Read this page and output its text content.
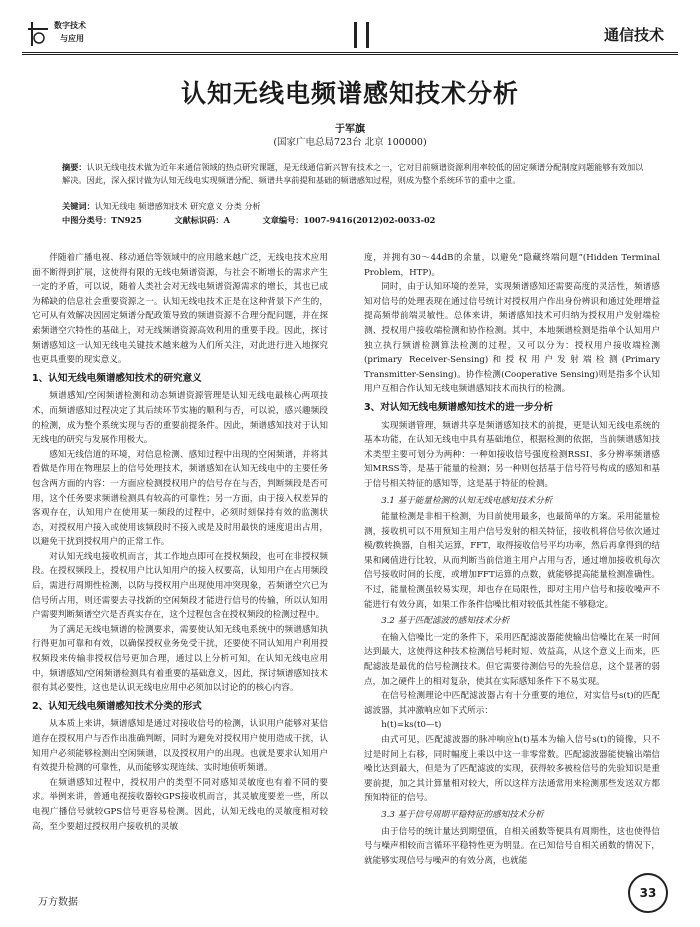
数字技术
与应用	通信技术
认知无线电频谱感知技术分析
于军旗
(国家广电总局723台 北京 100000)
摘要：认识无线电技术做为近年来通信领域的热点研究课题，是无线通信新兴智有技术之一，它对目前频谱资源利用率较低的固定频谱分配制度问题能够有效加以解决。因此，深入探讨做为认知无线电实现频谱分配、频谱共享前提和基础的频谱感知过程，则成为整个系统环节的重中之重。
关键词：认知无线电 频谱感知技术 研究意义 分类 分析
中图分类号：TN925	文献标识码：A	文章编号：1007-9416(2012)02-0033-02

伴随着广播电视、移动通信等领域中的应用越来越广泛，无线电技术应用面不断得到扩展，这使得有限的无线电频谱资源，与社会不断增长的需求产生一定的矛盾，可以说，随着人类社会对无线电频谱资源需求的增长，其也已成为稀缺的信息社会重要资源之一。认知无线电技术正是在这种背景下产生的，它可从有效解决因固定频谱分配政策导致的频谱资源不合理分配问题，并在探索频谱空穴特性的基础上，对无线频谱资源高效利用的重要手段。因此，探讨频谱感知这一认知无线电关键技术越来越为人们所关注，对此进行进入地探究也更具重要的现实意义。

1、认知无线电频谱感知技术的研究意义

频谱感知/空闲频谱检测和动态频谱资源管理是认知无线电最核心两项技术，而频谱感知过程决定了其后续环节实施的顺利与否，可以说，感兴趣频段的检测，成为整个系统实现与否的重要前提条件。因此，频谱感知技对于认知无线电的研究与发展作用极大。

感知无线信道的环境，对信息检测、感知过程中出现的空闲频谱，并将其看做是作用在物理层上的信号处理技术，频谱感知在认知无线电中的主要任务包含两方面的内容：一方面应检测授权用户的信号存在与否，判断频段是否可用，这个任务要求频谱检测具有较高的可靠性；另一方面，由于接入权差异的客观存在，认知用户在使用某一频段的过程中，必须时刻保持有效的监测状态，对授权用户接入或使用该频段时不接入或是及时用最快的速度退出占用，以避免干扰到授权用户的正常工作。

对认知无线电接收机而言，其工作地点即可在授权频段，也可在非授权频段。在授权频段上，授权用户比认知用户的接入权要高，认知用户在占用频段后，需进行周期性检测，以防与授权用户出现使用冲突现象，若频谱空穴已为信号所占用，则还需要去寻找新的空闲频段才能进行信号的传输，所以认知用户需要判断频谱空穴是否真实存在，这个过程包含在授权频段的检测过程中。

为了满足无线电频谱的检测要求，需要使认知无线电系统中的频谱感知执行得更加可靠和有效，以确保授权业务免受干扰，还要使不同认知用户利用授权频段来传输非授权信号更加合理，通过以上分析可知，在认知无线电应用中，频谱感知/空闲频谱检测具有着重要的基础意义，因此，探讨频谱感知技术很有其必要性，这也是认识无线电应用中必须加以讨论的的核心内容。

2、认知无线电频谱感知技术分类的形式

从本质上来讲，频谱感知是通过对接收信号的检测，认识用户能够对某信道存在授权用户与否作出准确判断，同时为避免对授权用户使用造成干扰，认知用户必须能够检测出空闲频谱，以及授权用户的出现。也就是要求认知用户有效提升检测的可靠性，从而能够实现连续、实时地侦听频谱。

在频谱感知过程中，授权用户的类型不同对感知灵敏度也有着不同的要求。举例来讲，普通电视接收器较GPS接收机而言，其灵敏度要差一些，所以电视广播信号就较GPS信号更容易检测。因此，认知无线电的灵敏度相对较高，至少要超过授权用户接收机的灵敏

度，并拥有30～44dB的余量，以避免“隐藏终端问题”(Hidden Terminal Problem，HTP)。

同时，由于认知环境的差异，实现频谱感知还需要高度的灵活性，频谱感知对信号的处理表现在通过信号统计对授权用户作出身份辨识和通过处理增益提高频带前端灵敏性。总体来讲，频谱感知技术可归纳为授权用户发射端检测、授权用户接收端检测和协作检测。其中，本地频谱检测是指单个认知用户独立执行频谱检测算法检测的过程，又可以分为：授权用户接收端检测(primary Receiver-Sensing)和授权用户发射端检测(Primary Transmitter-Sensing)。协作检测(Cooperative Sensing)则是指多个认知用户互相合作认知无线电频谱感知技术而执行的检测。

3、对认知无线电频谱感知技术的进一步分析

实现频谱管理，频谱共享是频谱感知技术的前提，更是认知无线电系统的基本功能，在认知无线电中具有基础地位，根据检测的依据，当前频谱感知技术类型主要可划分为两种：一种如接收信号强度检测RSSI、多分辨率频谱感知MRSS等，是基于能量的检测；另一种则包括基于信号符号构成的感知和基于信号相关特征的感知等，这是基于特征的检测。

3.1 基于能量检测的认知无线电感知技术分析

能量检测是非相干检测，为目前使用最多，也最简单的方案。采用能量检测，接收机可以不用预知主用户信号发射的相关特征，接收机将信号依次通过模/数转换器，自相关运算，FFT，取得接收信号平均功率，然后再拿得到的结果和阈值进行比较，从而判断当前信道主用户占用与否，通过增加接收机每次信号接收时间的长度，或增加FFT运算的点数，就能够提高能量检测准确性。不过，能量检测虽较易实现，却也存在局限性，即对主用户信号和接收噪声不能进行有效分离，如果工作条件信噪比相对较低其性能不够稳定。

3.2 基于匹配滤波的感知技术分析

在输入信噪比一定的条件下，采用匹配滤波器能使输出信噪比在某一时间达到最大，这使得这种技术检测信号耗时短、效益高，从这个意义上而来，匹配滤波是最优的信号检测技术。但它需要待测信号的先验信息，这个显著的弱点，加之硬件上的相对复杂，使其在实际感知条件下不易实现。

在信号检测理论中匹配滤波器占有十分重要的地位，对实信号s(t)的匹配滤波器，其冲激响应如下式所示：

h(t)=ks(t0—t)

由式可见，匹配滤波器的脉冲响应h(t)基本为输入信号s(t)的镜像，只不过是时间上右移，同时幅度上乘以中这一非零常数。匹配滤波器能使输出端信噪比达到最大，但是为了匹配滤波的实现，获得较多被检信号的先验知识是重要前提，加之其计算量相对较大，所以这样方法通常用来检测那些发送双方都预知特征的信号。

3.3 基于信号周期平稳特征的感知技术分析

由于信号的统计量达到期望值，自相关函数等便具有周期性，这也使得信号与噪声相较而言循环平稳特性更为明显。在已知信号自相关函数的情况下，就能够实现信号与噪声的有效分离，也就能

万方数据
33
